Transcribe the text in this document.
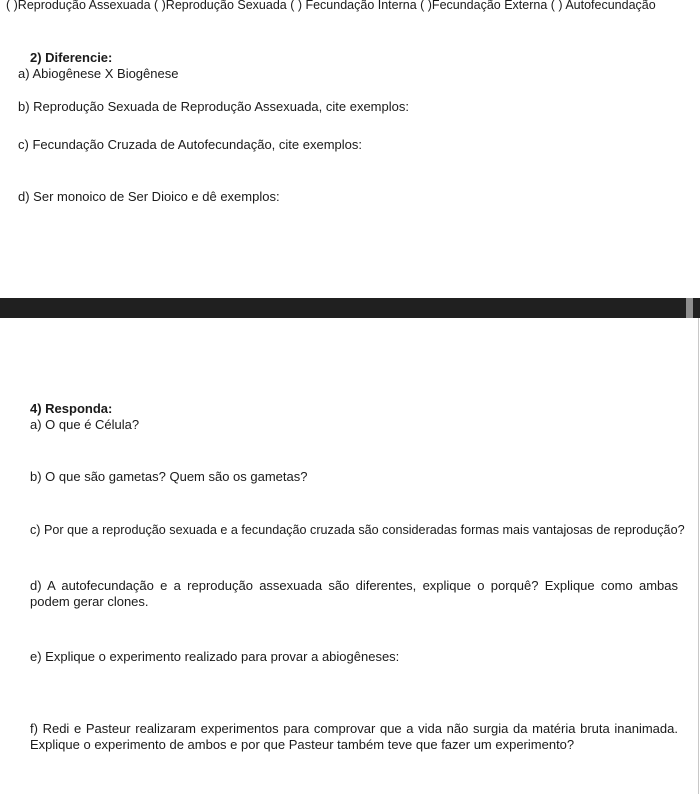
( )Reprodução Assexuada ( )Reprodução Sexuada ( ) Fecundação Interna ( )Fecundação Externa ( ) Autofecundação
2) Diferencie:
a) Abiogênese X Biogênese
b) Reprodução Sexuada de Reprodução Assexuada, cite exemplos:
c) Fecundação Cruzada de Autofecundação, cite exemplos:
d) Ser monoico de Ser Dioico e dê exemplos:
4) Responda:
a) O que é Célula?
b) O que são gametas? Quem são os gametas?
c) Por que a reprodução sexuada e a fecundação cruzada são consideradas formas mais vantajosas de reprodução?
d) A autofecundação e a reprodução assexuada são diferentes, explique o porquê? Explique como ambas podem gerar clones.
e) Explique o experimento realizado para provar a abiogêneses:
f) Redi e Pasteur realizaram experimentos para comprovar que a vida não surgia da matéria bruta inanimada. Explique o experimento de ambos e por que Pasteur também teve que fazer um experimento?
